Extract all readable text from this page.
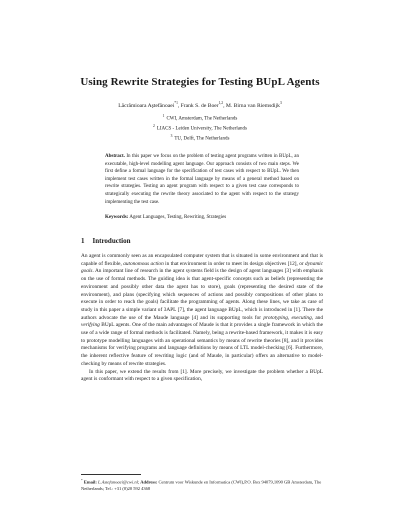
Using Rewrite Strategies for Testing BUpL Agents
Lăcrămioara Aştefănoaei$^{*1}$, Frank S. de Boer$^{1,2}$, M. Birna van Riemsdijk$^3$
$^1$CWI, Amsterdam, The Netherlands
$^2$LIACS - Leiden University, The Netherlands
$^3$TU, Delft, The Netherlands
Abstract. In this paper we focus on the problem of testing agent programs written in BUpL, an executable, high-level modelling agent language. Our approach consists of two main steps. We first define a formal language for the specification of test cases with respect to BUpL. We then implement test cases written in the formal language by means of a general method based on rewrite strategies. Testing an agent program with respect to a given test case corresponds to strategically executing the rewrite theory associated to the agent with respect to the strategy implementing the test case.
Keywords: Agent Languages, Testing, Rewriting, Strategies
1 Introduction

An agent is commonly seen as an encapsulated computer system that is situated in some environment and that is capable of flexible, autonomous action in that environment in order to meet its design objectives [12], or dynamic goals. An important line of research in the agent systems field is the design of agent languages [3] with emphasis on the use of formal methods. The guiding idea is that agent-specific concepts such as beliefs (representing the environment and possibly other data the agent has to store), goals (representing the desired state of the environment), and plans (specifying which sequences of actions and possibly compositions of other plans to execute in order to reach the goals) facilitate the programming of agents. Along these lines, we take as case of study in this paper a simple variant of 3APL [7], the agent language BUpL, which is introduced in [1]. There the authors advocate the use of the Maude language [4] and its supporting tools for prototyping, executing, and verifying BUpL agents. One of the main advantages of Maude is that it provides a single framework in which the use of a wide range of formal methods is facilitated. Namely, being a rewrite-based framework, it makes it is easy to prototype modelling languages with an operational semantics by means of rewrite theories [8], and it provides mechanisms for verifying programs and language definitions by means of LTL model-checking [6]. Furthermore, the inherent reflective feature of rewriting logic (and of Maude, in particular) offers an alternative to model-checking by means of rewrite strategies.

In this paper, we extend the results from [1]. More precisely, we investigate the problem whether a BUpL agent is conformant with respect to a given specification,

* Email: L.Astefanoaei@cwi.nl; Address: Centrum voor Wiskunde en Informatica (CWI),P.O. Box 94079,1090 GB Amsterdam, The Netherlands; Tel.: +31 (0)20 592 4368
